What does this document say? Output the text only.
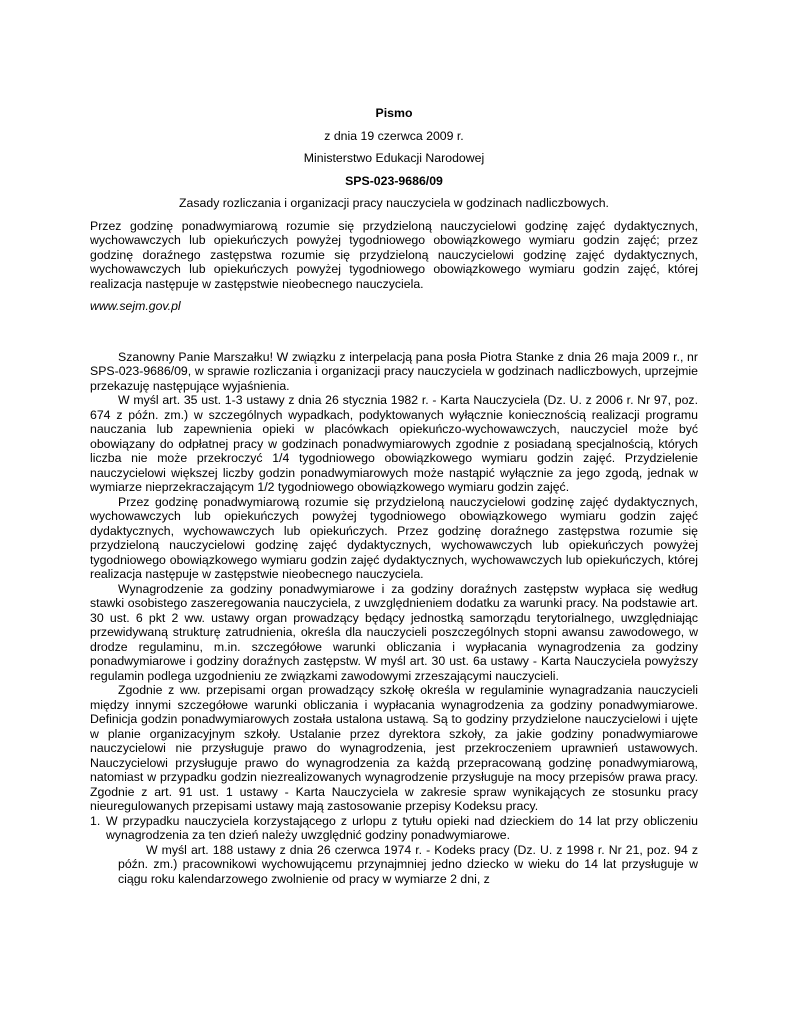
Pismo
z dnia 19 czerwca 2009 r.
Ministerstwo Edukacji Narodowej
SPS-023-9686/09
Zasady rozliczania i organizacji pracy nauczyciela w godzinach nadliczbowych.

Przez godzinę ponadwymiarową rozumie się przydzieloną nauczycielowi godzinę zajęć dydaktycznych, wychowawczych lub opiekuńczych powyżej tygodniowego obowiązkowego wymiaru godzin zajęć; przez godzinę doraźnego zastępstwa rozumie się przydzieloną nauczycielowi godzinę zajęć dydaktycznych, wychowawczych lub opiekuńczych powyżej tygodniowego obowiązkowego wymiaru godzin zajęć, której realizacja następuje w zastępstwie nieobecnego nauczyciela.

www.sejm.gov.pl

Szanowny Panie Marszałku! W związku z interpelacją pana posła Piotra Stanke z dnia 26 maja 2009 r., nr SPS-023-9686/09, w sprawie rozliczania i organizacji pracy nauczyciela w godzinach nadliczbowych, uprzejmie przekazuję następujące wyjaśnienia.

W myśl art. 35 ust. 1-3 ustawy z dnia 26 stycznia 1982 r. - Karta Nauczyciela (Dz. U. z 2006 r. Nr 97, poz. 674 z późn. zm.) w szczególnych wypadkach, podyktowanych wyłącznie koniecznością realizacji programu nauczania lub zapewnienia opieki w placówkach opiekuńczo-wychowawczych, nauczyciel może być obowiązany do odpłatnej pracy w godzinach ponadwymiarowych zgodnie z posiadaną specjalnością, których liczba nie może przekroczyć 1/4 tygodniowego obowiązkowego wymiaru godzin zajęć. Przydzielenie nauczycielowi większej liczby godzin ponadwymiarowych może nastąpić wyłącznie za jego zgodą, jednak w wymiarze nieprzekraczającym 1/2 tygodniowego obowiązkowego wymiaru godzin zajęć.

Przez godzinę ponadwymiarową rozumie się przydzieloną nauczycielowi godzinę zajęć dydaktycznych, wychowawczych lub opiekuńczych powyżej tygodniowego obowiązkowego wymiaru godzin zajęć dydaktycznych, wychowawczych lub opiekuńczych. Przez godzinę doraźnego zastępstwa rozumie się przydzieloną nauczycielowi godzinę zajęć dydaktycznych, wychowawczych lub opiekuńczych powyżej tygodniowego obowiązkowego wymiaru godzin zajęć dydaktycznych, wychowawczych lub opiekuńczych, której realizacja następuje w zastępstwie nieobecnego nauczyciela.

Wynagrodzenie za godziny ponadwymiarowe i za godziny doraźnych zastępstw wypłaca się według stawki osobistego zaszeregowania nauczyciela, z uwzględnieniem dodatku za warunki pracy. Na podstawie art. 30 ust. 6 pkt 2 ww. ustawy organ prowadzący będący jednostką samorządu terytorialnego, uwzględniając przewidywaną strukturę zatrudnienia, określa dla nauczycieli poszczególnych stopni awansu zawodowego, w drodze regulaminu, m.in. szczegółowe warunki obliczania i wypłacania wynagrodzenia za godziny ponadwymiarowe i godziny doraźnych zastępstw. W myśl art. 30 ust. 6a ustawy - Karta Nauczyciela powyższy regulamin podlega uzgodnieniu ze związkami zawodowymi zrzeszającymi nauczycieli.

Zgodnie z ww. przepisami organ prowadzący szkołę określa w regulaminie wynagradzania nauczycieli między innymi szczegółowe warunki obliczania i wypłacania wynagrodzenia za godziny ponadwymiarowe. Definicja godzin ponadwymiarowych została ustalona ustawą. Są to godziny przydzielone nauczycielowi i ujęte w planie organizacyjnym szkoły. Ustalanie przez dyrektora szkoły, za jakie godziny ponadwymiarowe nauczycielowi nie przysługuje prawo do wynagrodzenia, jest przekroczeniem uprawnień ustawowych. Nauczycielowi przysługuje prawo do wynagrodzenia za każdą przepracowaną godzinę ponadwymiarową, natomiast w przypadku godzin niezrealizowanych wynagrodzenie przysługuje na mocy przepisów prawa pracy. Zgodnie z art. 91 ust. 1 ustawy - Karta Nauczyciela w zakresie spraw wynikających ze stosunku pracy nieuregulowanych przepisami ustawy mają zastosowanie przepisy Kodeksu pracy.

1. W przypadku nauczyciela korzystającego z urlopu z tytułu opieki nad dzieckiem do 14 lat przy obliczeniu wynagrodzenia za ten dzień należy uwzględnić godziny ponadwymiarowe.

W myśl art. 188 ustawy z dnia 26 czerwca 1974 r. - Kodeks pracy (Dz. U. z 1998 r. Nr 21, poz. 94 z późn. zm.) pracownikowi wychowującemu przynajmniej jedno dziecko w wieku do 14 lat przysługuje w ciągu roku kalendarzowego zwolnienie od pracy w wymiarze 2 dni, z
